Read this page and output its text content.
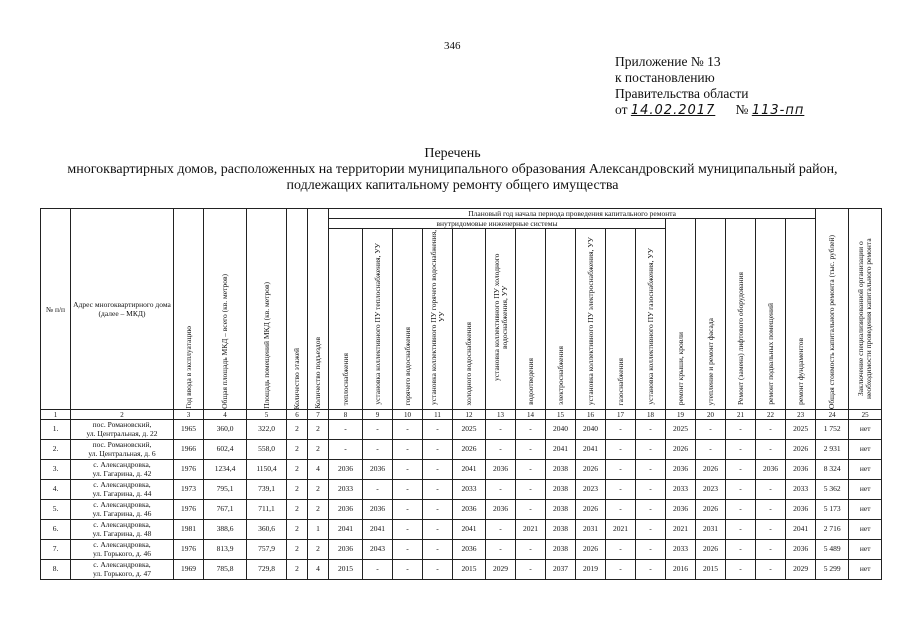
346
Приложение № 13
к постановлению
Правительства области
от 14.02.2017 № 113-пп
Перечень
многоквартирных домов, расположенных на территории муниципального образования Александровский муниципальный район,
подлежащих капитальному ремонту общего имущества
№ п/п	Адрес многоквартирного дома (далее – МКД)	Год ввода в эксплуатацию	Общая площадь МКД – всего (кв. метров)	Площадь помещений МКД (кв. метров)	Количество этажей	Количество подъездов	Плановый год начала периода проведения капитального ремонта																Общая стоимость капитального ремонта (тыс. рублей)	Заключение специализированной организации о необходимости проведения капитального ремонта

							внутридомовые инженерные системы											ремонт крыши, кровли	утепление и ремонт фасада	Ремонт (замена) лифтового оборудования	ремонт подвальных помещений	ремонт фундаментов		

							теплоснабжения	установка коллективного ПУ теплоснабжения, УУ	горячего водоснабжения	установка коллективного ПУ горячего водоснабжения, УУ	холодного водоснабжения	установка коллективного ПУ холодного водоснабжения, УУ	водоотведения	электроснабжения	установка коллективного ПУ электроснабжения, УУ	газоснабжения	установка коллективного ПУ газоснабжения, УУ							

1	2	3	4	5	6	7	8	9	10	11	12	13	14	15	16	17	18	19	20	21	22	23	24	25
1.	пос. Романовский,
ул. Центральная, д. 22	1965	360,0	322,0	2	2	-	-	-	-	2025	-	-	2040	2040	-	-	2025	-	-	-	2025	1 752	нет
2.	пос. Романовский,
ул. Центральная, д. 6	1966	602,4	558,0	2	2	-	-	-	-	2026	-	-	2041	2041	-	-	2026	-	-	-	2026	2 931	нет
3.	с. Александровка,
ул. Гагарина, д. 42	1976	1234,4	1150,4	2	4	2036	2036	-	-	2041	2036	-	2038	2026	-	-	2036	2026	-	2036	2036	8 324	нет
4.	с. Александровка,
ул. Гагарина, д. 44	1973	795,1	739,1	2	2	2033	-	-	-	2033	-	-	2038	2023	-	-	2033	2023	-	-	2033	5 362	нет
5.	с. Александровка,
ул. Гагарина, д. 46	1976	767,1	711,1	2	2	2036	2036	-	-	2036	2036	-	2038	2026	-	-	2036	2026	-	-	2036	5 173	нет
6.	с. Александровка,
ул. Гагарина, д. 48	1981	388,6	360,6	2	1	2041	2041	-	-	2041	-	2021	2038	2031	2021	-	2021	2031	-	-	2041	2 716	нет
7.	с. Александровка,
ул. Горького, д. 46	1976	813,9	757,9	2	2	2036	2043	-	-	2036	-	-	2038	2026	-	-	2033	2026	-	-	2036	5 489	нет
8.	с. Александровка,
ул. Горького, д. 47	1969	785,8	729,8	2	4	2015	-	-	-	2015	2029	-	2037	2019	-	-	2016	2015	-	-	2029	5 299	нет
